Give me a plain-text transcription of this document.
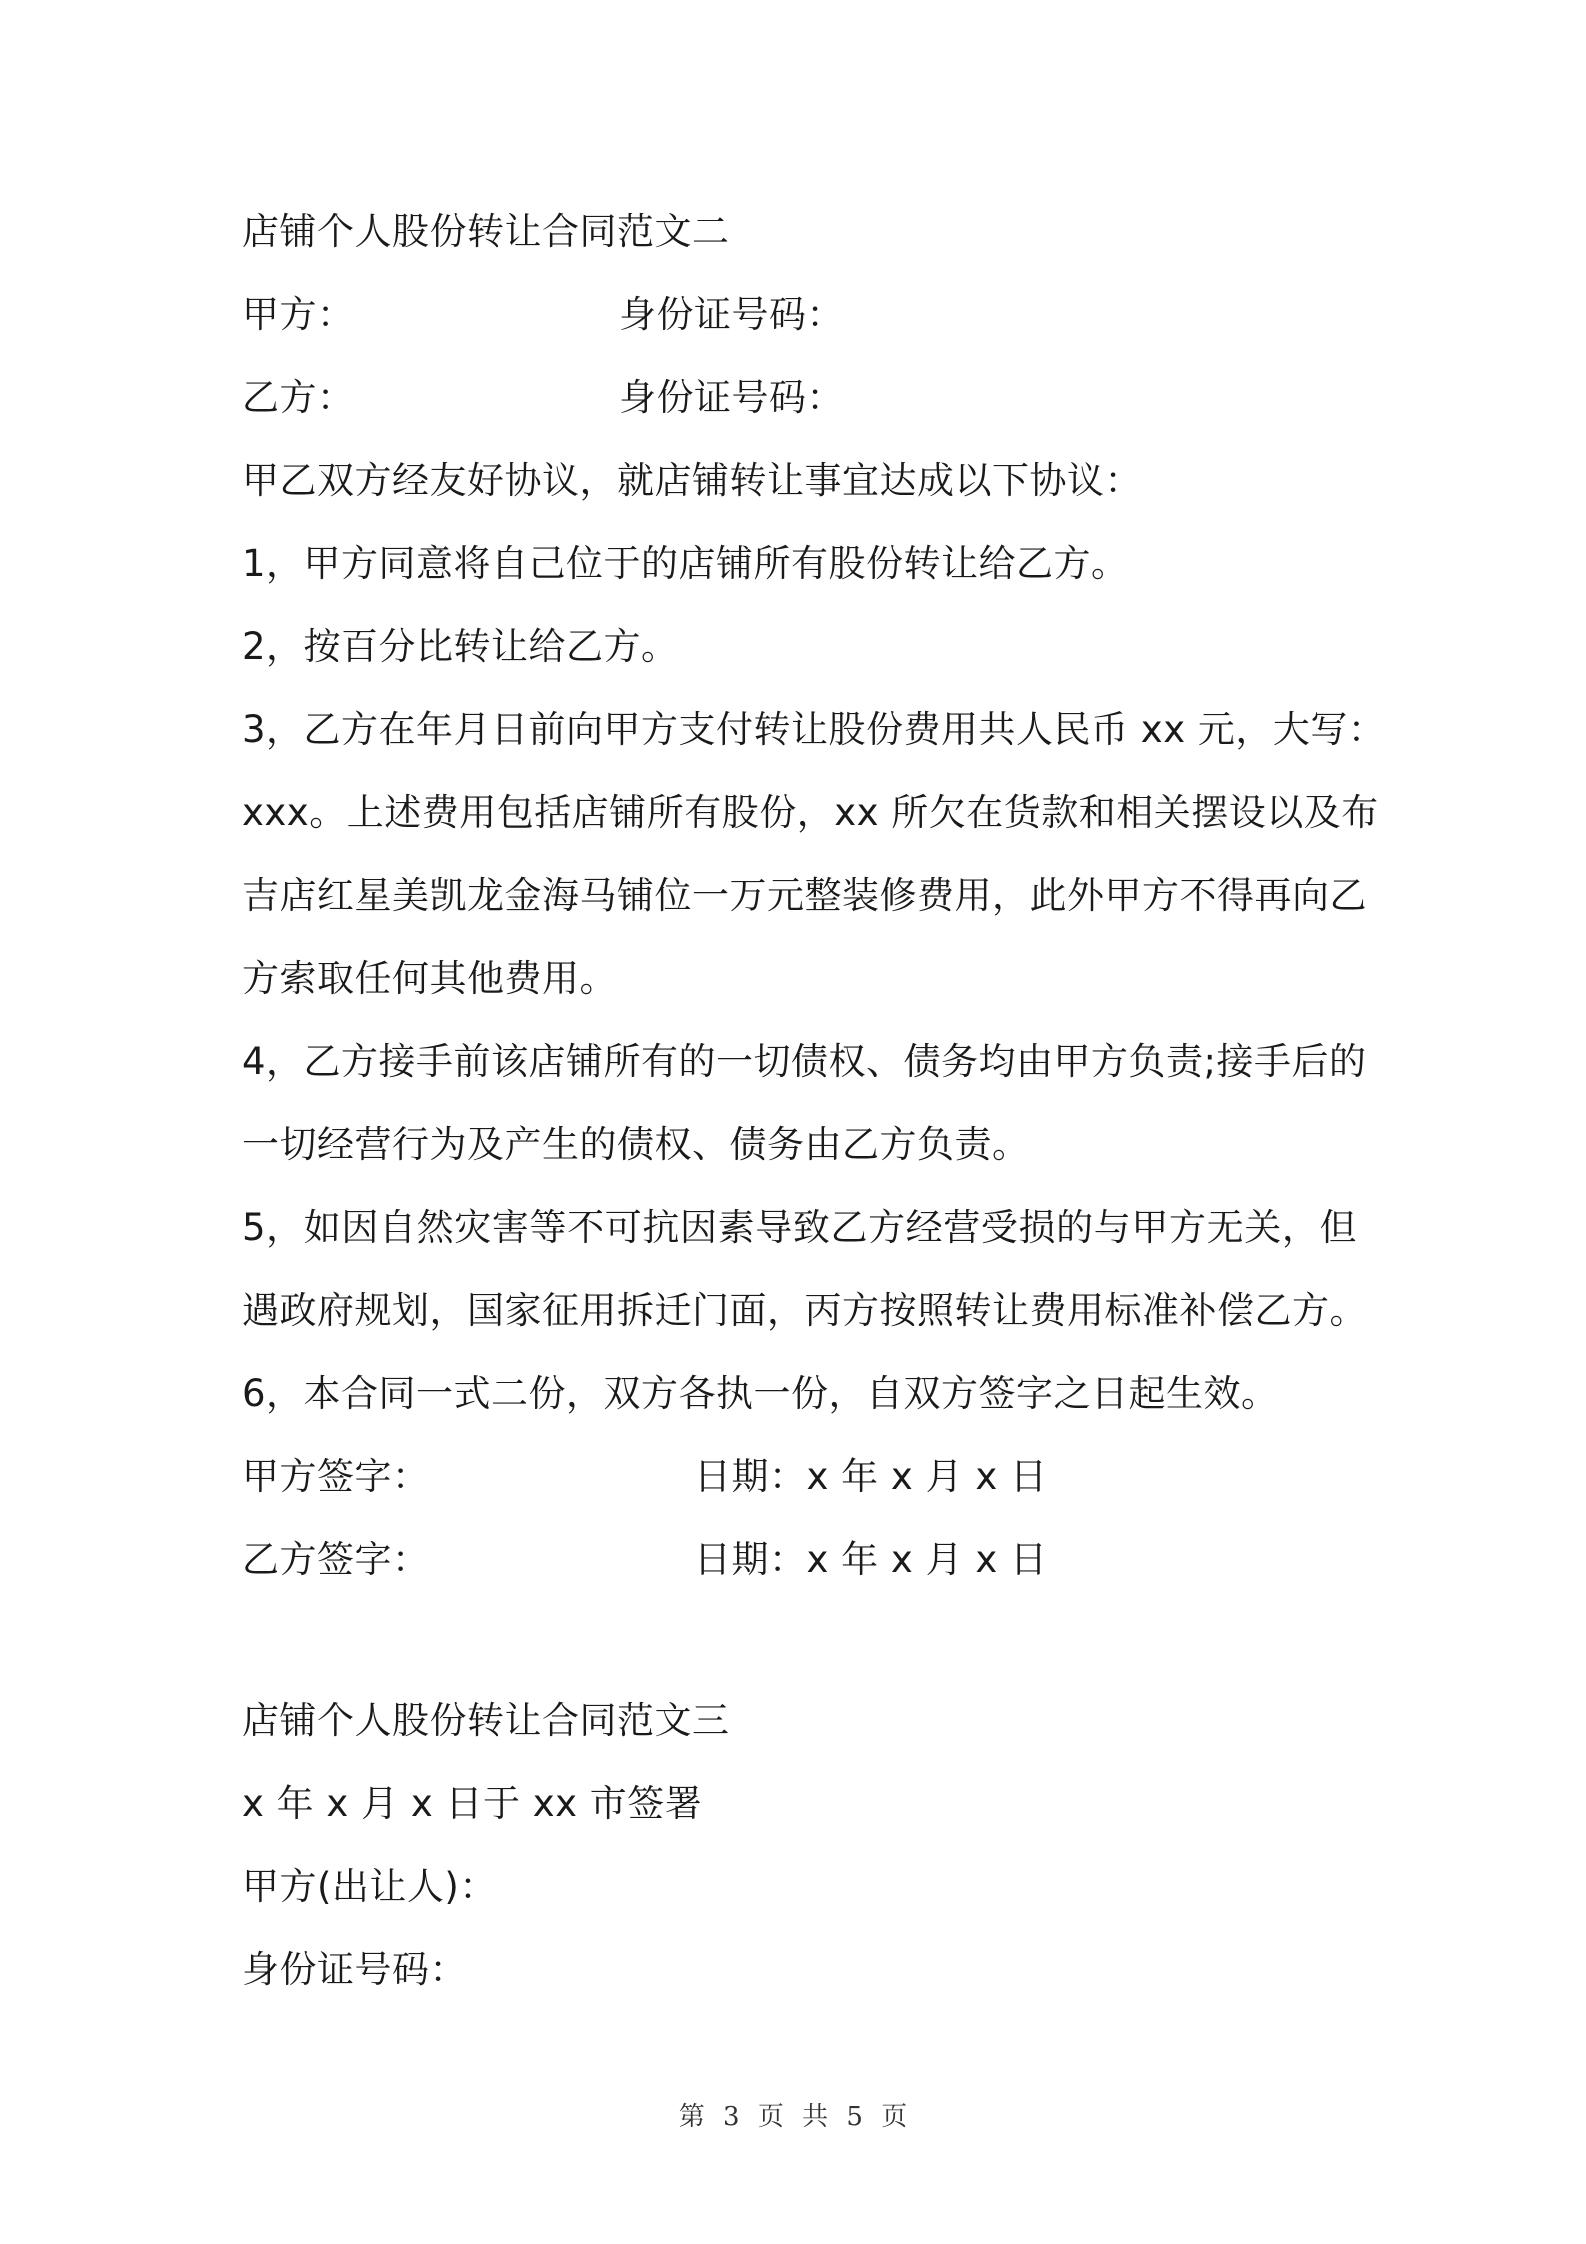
店铺个人股份转让合同范文二
甲方：	身份证号码：
乙方：	身份证号码：
甲乙双方经友好协议，就店铺转让事宜达成以下协议：
1，甲方同意将自己位于的店铺所有股份转让给乙方。
2，按百分比转让给乙方。
3，乙方在年月日前向甲方支付转让股份费用共人民币 xx 元，大写：
xxx。上述费用包括店铺所有股份，xx 所欠在货款和相关摆设以及布
吉店红星美凯龙金海马铺位一万元整装修费用，此外甲方不得再向乙
方索取任何其他费用。
4，乙方接手前该店铺所有的一切债权、债务均由甲方负责;接手后的
一切经营行为及产生的债权、债务由乙方负责。
5，如因自然灾害等不可抗因素导致乙方经营受损的与甲方无关，但
遇政府规划，国家征用拆迁门面，丙方按照转让费用标准补偿乙方。
6，本合同一式二份，双方各执一份，自双方签字之日起生效。
甲方签字：	日期：x 年 x 月 x 日
乙方签字：	日期：x 年 x 月 x 日
店铺个人股份转让合同范文三
x 年 x 月 x 日于 xx 市签署
甲方(出让人)：
身份证号码：
第 3 页 共 5 页
